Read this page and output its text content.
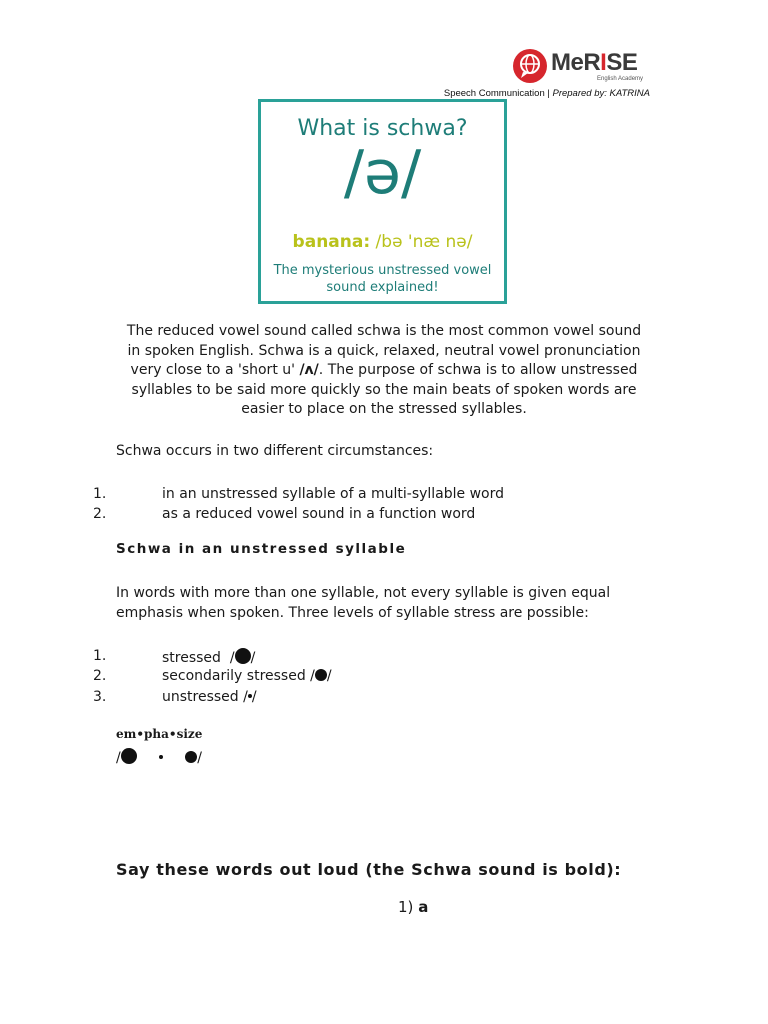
MeRISE
English Academy
Speech Communication | Prepared by: KATRINA
What is schwa?
/ə/
banana: /bə 'næ nə/
The mysterious unstressed vowel
sound explained!
The reduced vowel sound called schwa is the most common vowel sound
in spoken English. Schwa is a quick, relaxed, neutral vowel pronunciation
very close to a 'short u' /ʌ/. The purpose of schwa is to allow unstressed
syllables to be said more quickly so the main beats of spoken words are
easier to place on the stressed syllables.
Schwa occurs in two different circumstances:
1.	in an unstressed syllable of a multi-syllable word
2.	as a reduced vowel sound in a function word
Schwa in an unstressed syllable
In words with more than one syllable, not every syllable is given equal
emphasis when spoken. Three levels of syllable stress are possible:
1.	stressed / /
2.	secondarily stressed / /
3.	unstressed / /
em•pha•size
/	/
Say these words out loud (the Schwa sound is bold):
1) a
